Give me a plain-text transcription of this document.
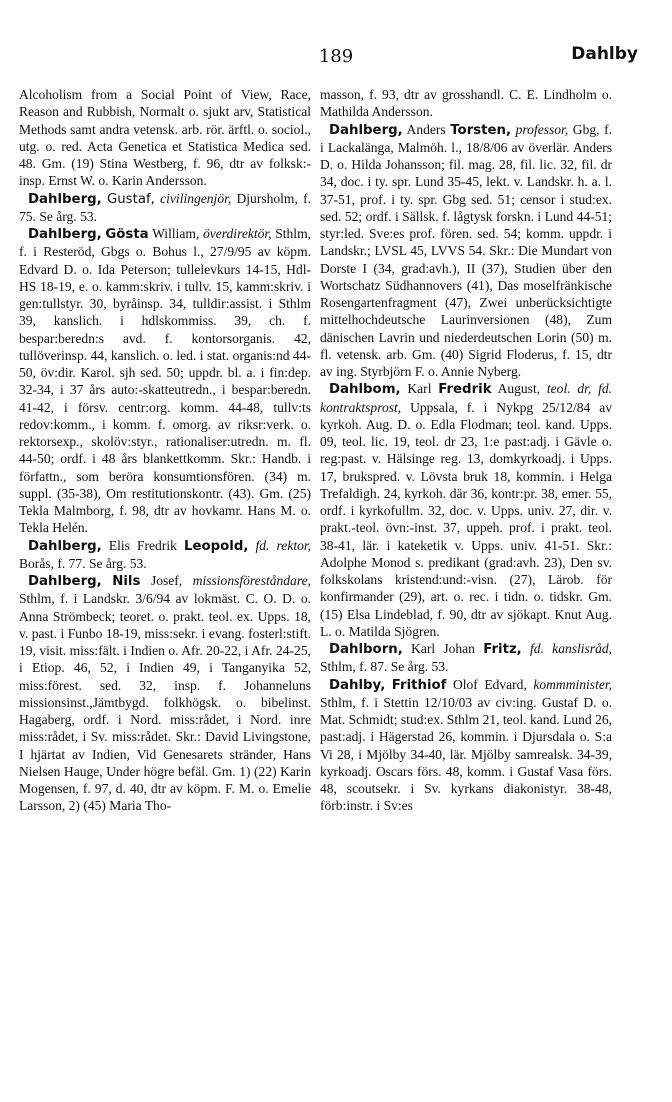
189	Dahlby

Alcoholism from a Social Point of View, Race, Reason and Rubbish, Normalt o. sjukt arv, Statistical Methods samt andra vetensk. arb. rör. ärftl. o. sociol., utg. o. red. Acta Genetica et Statistica Medica sed. 48. Gm. (19) Stina Westberg, f. 96, dtr av folksk:-insp. Ernst W. o. Karin Andersson.

Dahlberg, Gustaf, civilingenjör, Djursholm, f. 75. Se årg. 53.

Dahlberg, Gösta William, överdirektör, Sthlm, f. i Resteröd, Gbgs o. Bohus l., 27/9/95 av köpm. Edvard D. o. Ida Peterson; tullelevkurs 14-15, Hdl-HS 18-19, e. o. kamm:skriv. i tullv. 15, kamm:skriv. i gen:tullstyr. 30, byråinsp. 34, tulldir:assist. i Sthlm 39, kanslich. i hdlskommiss. 39, ch. f. bespar:beredn:s avd. f. kontorsorganis. 42, tullöverinsp. 44, kanslich. o. led. i stat. organis:nd 44-50, öv:dir. Karol. sjh sed. 50; uppdr. bl. a. i fin:dep. 32-34, i 37 års auto:-skatteutredn., i bespar:beredn. 41-42, i försv. centr:org. komm. 44-48, tullv:ts redov:komm., i komm. f. omorg. av riksr:verk. o. rektorsexp., skolöv:styr., rationaliser:utredn. m. fl. 44-50; ordf. i 48 års blankettkomm. Skr.: Handb. i författn., som berörа konsumtionsfören. (34) m. suppl. (35-38), Om restitutionskontr. (43). Gm. (25) Tekla Malmborg, f. 98, dtr av hovkamr. Hans M. o. Tekla Helén.

Dahlberg, Elis Fredrik Leopold, fd. rektor, Borås, f. 77. Se årg. 53.

Dahlberg, Nils Josef, missionsföreståndare, Sthlm, f. i Landskr. 3/6/94 av lokmäst. C. O. D. o. Anna Strömbeck; teoret. o. prakt. teol. ex. Upps. 18, v. past. i Funbo 18-19, miss:sekr. i evang. fosterl:stift. 19, visit. miss:fält. i Indien o. Afr. 20-22, i Afr. 24-25, i Etiop. 46, 52, i Indien 49, i Tanganyika 52, miss:förest. sed. 32, insp. f. Johanneluns missionsinst.,Jämtbygd. folkhögsk. o. bibelinst. Hagaberg, ordf. i Nord. miss:rådet, i Nord. inre miss:rådet, i Sv. miss:rådet. Skr.: David Livingstone, I hjärtat av Indien, Vid Genesarets stränder, Hans Nielsen Hauge, Under högre befäl. Gm. 1) (22) Karin Mogensen, f. 97, d. 40, dtr av köpm. F. M. o. Emelie Larsson, 2) (45) Maria Tho-

masson, f. 93, dtr av grosshandl. C. E. Lindholm o. Mathilda Andersson.

Dahlberg, Anders Torsten, professor, Gbg, f. i Lackalänga, Malmöh. l., 18/8/06 av överlär. Anders D. o. Hilda Johansson; fil. mag. 28, fil. lic. 32, fil. dr 34, doc. i ty. spr. Lund 35-45, lekt. v. Landskr. h. a. l. 37-51, prof. i ty. spr. Gbg sed. 51; censor i stud:ex. sed. 52; ordf. i Sällsk. f. lågtysk forskn. i Lund 44-51; styr:led. Sve:es prof. fören. sed. 54; komm. uppdr. i Landskr.; LVSL 45, LVVS 54. Skr.: Die Mundart von Dorste I (34, grad:avh.), II (37), Studien über den Wortschatz Südhannovers (41), Das moselfränkische Rosengartenfragment (47), Zwei unberücksichtigte mittelhochdeutsche Laurinversionen (48), Zum dänischen Lavrin und niederdeutschen Lorin (50) m. fl. vetensk. arb. Gm. (40) Sigrid Floderus, f. 15, dtr av ing. Styrbjörn F. o. Annie Nyberg.

Dahlbom, Karl Fredrik August, teol. dr, fd. kontraktsprost, Uppsala, f. i Nykpg 25/12/84 av kyrkoh. Aug. D. o. Edla Flodman; teol. kand. Upps. 09, teol. lic. 19, teol. dr 23, 1:e past:adj. i Gävle o. reg:past. v. Hälsinge reg. 13, domkyrkoadj. i Upps. 17, brukspred. v. Lövsta bruk 18, kommin. i Helga Trefaldigh. 24, kyrkoh. där 36, kontr:pr. 38, emer. 55, ordf. i kyrkofullm. 32, doc. v. Upps. univ. 27, dir. v. prakt.-teol. övn:-inst. 37, uppeh. prof. i prakt. teol. 38-41, lär. i kateketik v. Upps. univ. 41-51. Skr.: Adolphe Monod s. predikant (grad:avh. 23), Den sv. folkskolans kristend:und:-visn. (27), Lärob. för konfirmander (29), art. o. rec. i tidn. o. tidskr. Gm. (15) Elsa Lindeblad, f. 90, dtr av sjökapt. Knut Aug. L. o. Matilda Sjögren.

Dahlborn, Karl Johan Fritz, fd. kanslisråd, Sthlm, f. 87. Se årg. 53.

Dahlby, Frithiof Olof Edvard, kommminister, Sthlm, f. i Stettin 12/10/03 av civ:ing. Gustaf D. o. Mat. Schmidt; stud:ex. Sthlm 21, teol. kand. Lund 26, past:adj. i Hägerstad 26, kommin. i Djursdala o. S:a Vi 28, i Mjölby 34-40, lär. Mjölby samrealsk. 34-39, kyrkoadj. Oscars förs. 48, komm. i Gustaf Vasa förs. 48, scoutsekr. i Sv. kyrkans diakonistyr. 38-48, förb:instr. i Sv:es
